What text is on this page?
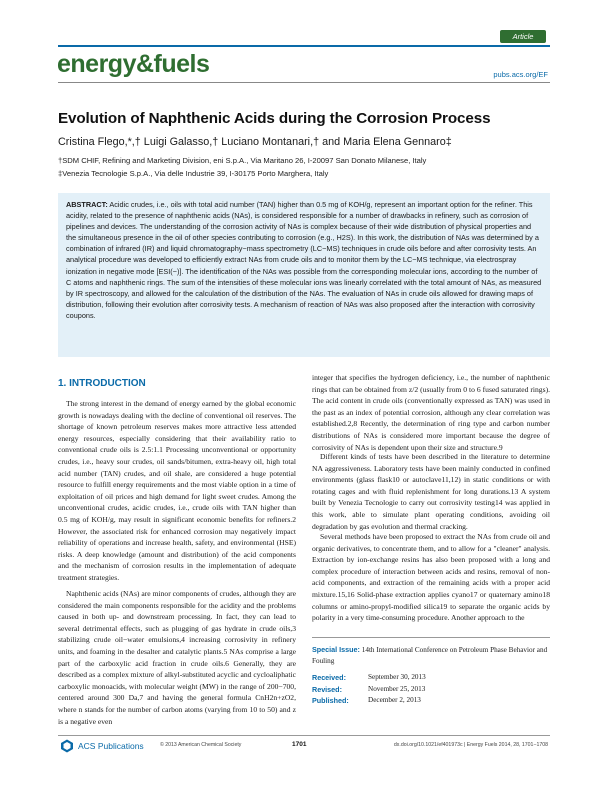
Article
energy&fuels	pubs.acs.org/EF
Evolution of Naphthenic Acids during the Corrosion Process
Cristina Flego,*,† Luigi Galasso,† Luciano Montanari,† and Maria Elena Gennaro‡
†SDM CHIF, Refining and Marketing Division, eni S.p.A., Via Maritano 26, I-20097 San Donato Milanese, Italy
‡Venezia Tecnologie S.p.A., Via delle Industrie 39, I-30175 Porto Marghera, Italy
ABSTRACT: Acidic crudes, i.e., oils with total acid number (TAN) higher than 0.5 mg of KOH/g, represent an important option for the refiner. This acidity, related to the presence of naphthenic acids (NAs), is considered responsible for a number of drawbacks in refinery, such as corrosion of pipelines and devices. The understanding of the corrosion activity of NAs is complex because of their wide distribution of physical properties and the simultaneous presence in the oil of other species contributing to corrosion (e.g., H2S). In this work, the distribution of NAs was determined by a combination of infrared (IR) and liquid chromatography−mass spectrometry (LC−MS) techniques in crude oils before and after corrosivity tests. An analytical procedure was developed to efficiently extract NAs from crude oils and to monitor them by the LC−MS technique, via electrospray ionization in negative mode [ESI(−)]. The identification of the NAs was possible from the corresponding molecular ions, according to the number of C atoms and naphthenic rings. The sum of the intensities of these molecular ions was linearly correlated with the total amount of NAs, as measured by IR spectroscopy, and allowed for the calculation of the distribution of the NAs. The evaluation of NAs in crude oils allowed for drawing maps of distribution, following their evolution after corrosivity tests. A mechanism of reaction of NAs was also proposed after the interaction with corrosivity coupons.
1. INTRODUCTION
The strong interest in the demand of energy earned by the global economic growth is nowadays dealing with the decline of conventional oil reserves. The shortage of known petroleum reserves makes more attractive less attended energy resources, especially considering that their availability ratio to conventional crude oils is 2.5:1.1 Processing unconventional or opportunity crudes, i.e., heavy sour crudes, oil sands/bitumen, extra-heavy oil, high total acid number (TAN) crudes, and oil shale, are considered a huge potential resource to fulfill energy requirements and the most viable option in a time of exploitation of oil prices and high demand for light sweet crudes. Among the unconventional crudes, acidic crudes, i.e., crude oils with TAN higher than 0.5 mg of KOH/g, may result in significant economic benefits for refiners.2 However, the associated risk for enhanced corrosion may negatively impact reliability of operations and increase health, safety, and environmental (HSE) risks. A deep knowledge (amount and distribution) of the acid components and the mechanism of corrosion results in the implementation of adequate treatment strategies.
Naphthenic acids (NAs) are minor components of crudes, although they are considered the main components responsible for the acidity and the problems caused in both up- and downstream processing. In fact, they can lead to several detrimental effects, such as plugging of gas hydrate in crude oils,3 stabilizing crude oil−water emulsions,4 increasing corrosivity in refinery units, and foaming in the desalter and catalytic plants.5 NAs comprise a large part of the carboxylic acid fraction in crude oils.6 Generally, they are described as a complex mixture of alkyl-substituted acyclic and cycloaliphatic carboxylic monoacids, with molecular weight (MW) in the range of 200−700, centered around 300 Da,7 and having the general formula CnH2n+zO2, where n stands for the number of carbon atoms (varying from 10 to 50) and z is a negative even
integer that specifies the hydrogen deficiency, i.e., the number of naphthenic rings that can be obtained from z/2 (usually from 0 to 6 fused saturated rings). The acid content in crude oils (conventionally expressed as TAN) was used in the past as an index of potential corrosion, although any clear correlation was established.2,8 Recently, the determination of ring type and carbon number distributions of NAs is considered more important because the degree of corrosivity of NAs is dependent upon their size and structure.9
Different kinds of tests have been described in the literature to determine NA aggressiveness. Laboratory tests have been mainly conducted in confined environments (glass flask10 or autoclave11,12) in static conditions or with rotating cages and with fluid replenishment for long durations.13 A system built by Venezia Tecnologie to carry out corrosivity testing14 was applied in this work, able to simulate plant operating conditions, avoiding oil degradation by gas evolution and thermal cracking.
Several methods have been proposed to extract the NAs from crude oil and organic derivatives, to concentrate them, and to allow for a "cleaner" analysis. Extraction by ion-exchange resins has also been proposed with a long and complex procedure of interaction between acids and resins, removal of non-acid components, and extraction of the remaining acids with a proper acid mixture.15,16 Solid-phase extraction applies cyano17 or quaternary amino18 columns or amino-propyl-modified silica19 to separate the organic acids by polarity in a very time-consuming procedure. Another approach to the
Special Issue: 14th International Conference on Petroleum Phase Behavior and Fouling
Received:	September 30, 2013
Revised:	November 25, 2013
Published:	December 2, 2013
ACS Publications	© 2013 American Chemical Society	1701	dx.doi.org/10.1021/ef401973c | Energy Fuels 2014, 28, 1701−1708
